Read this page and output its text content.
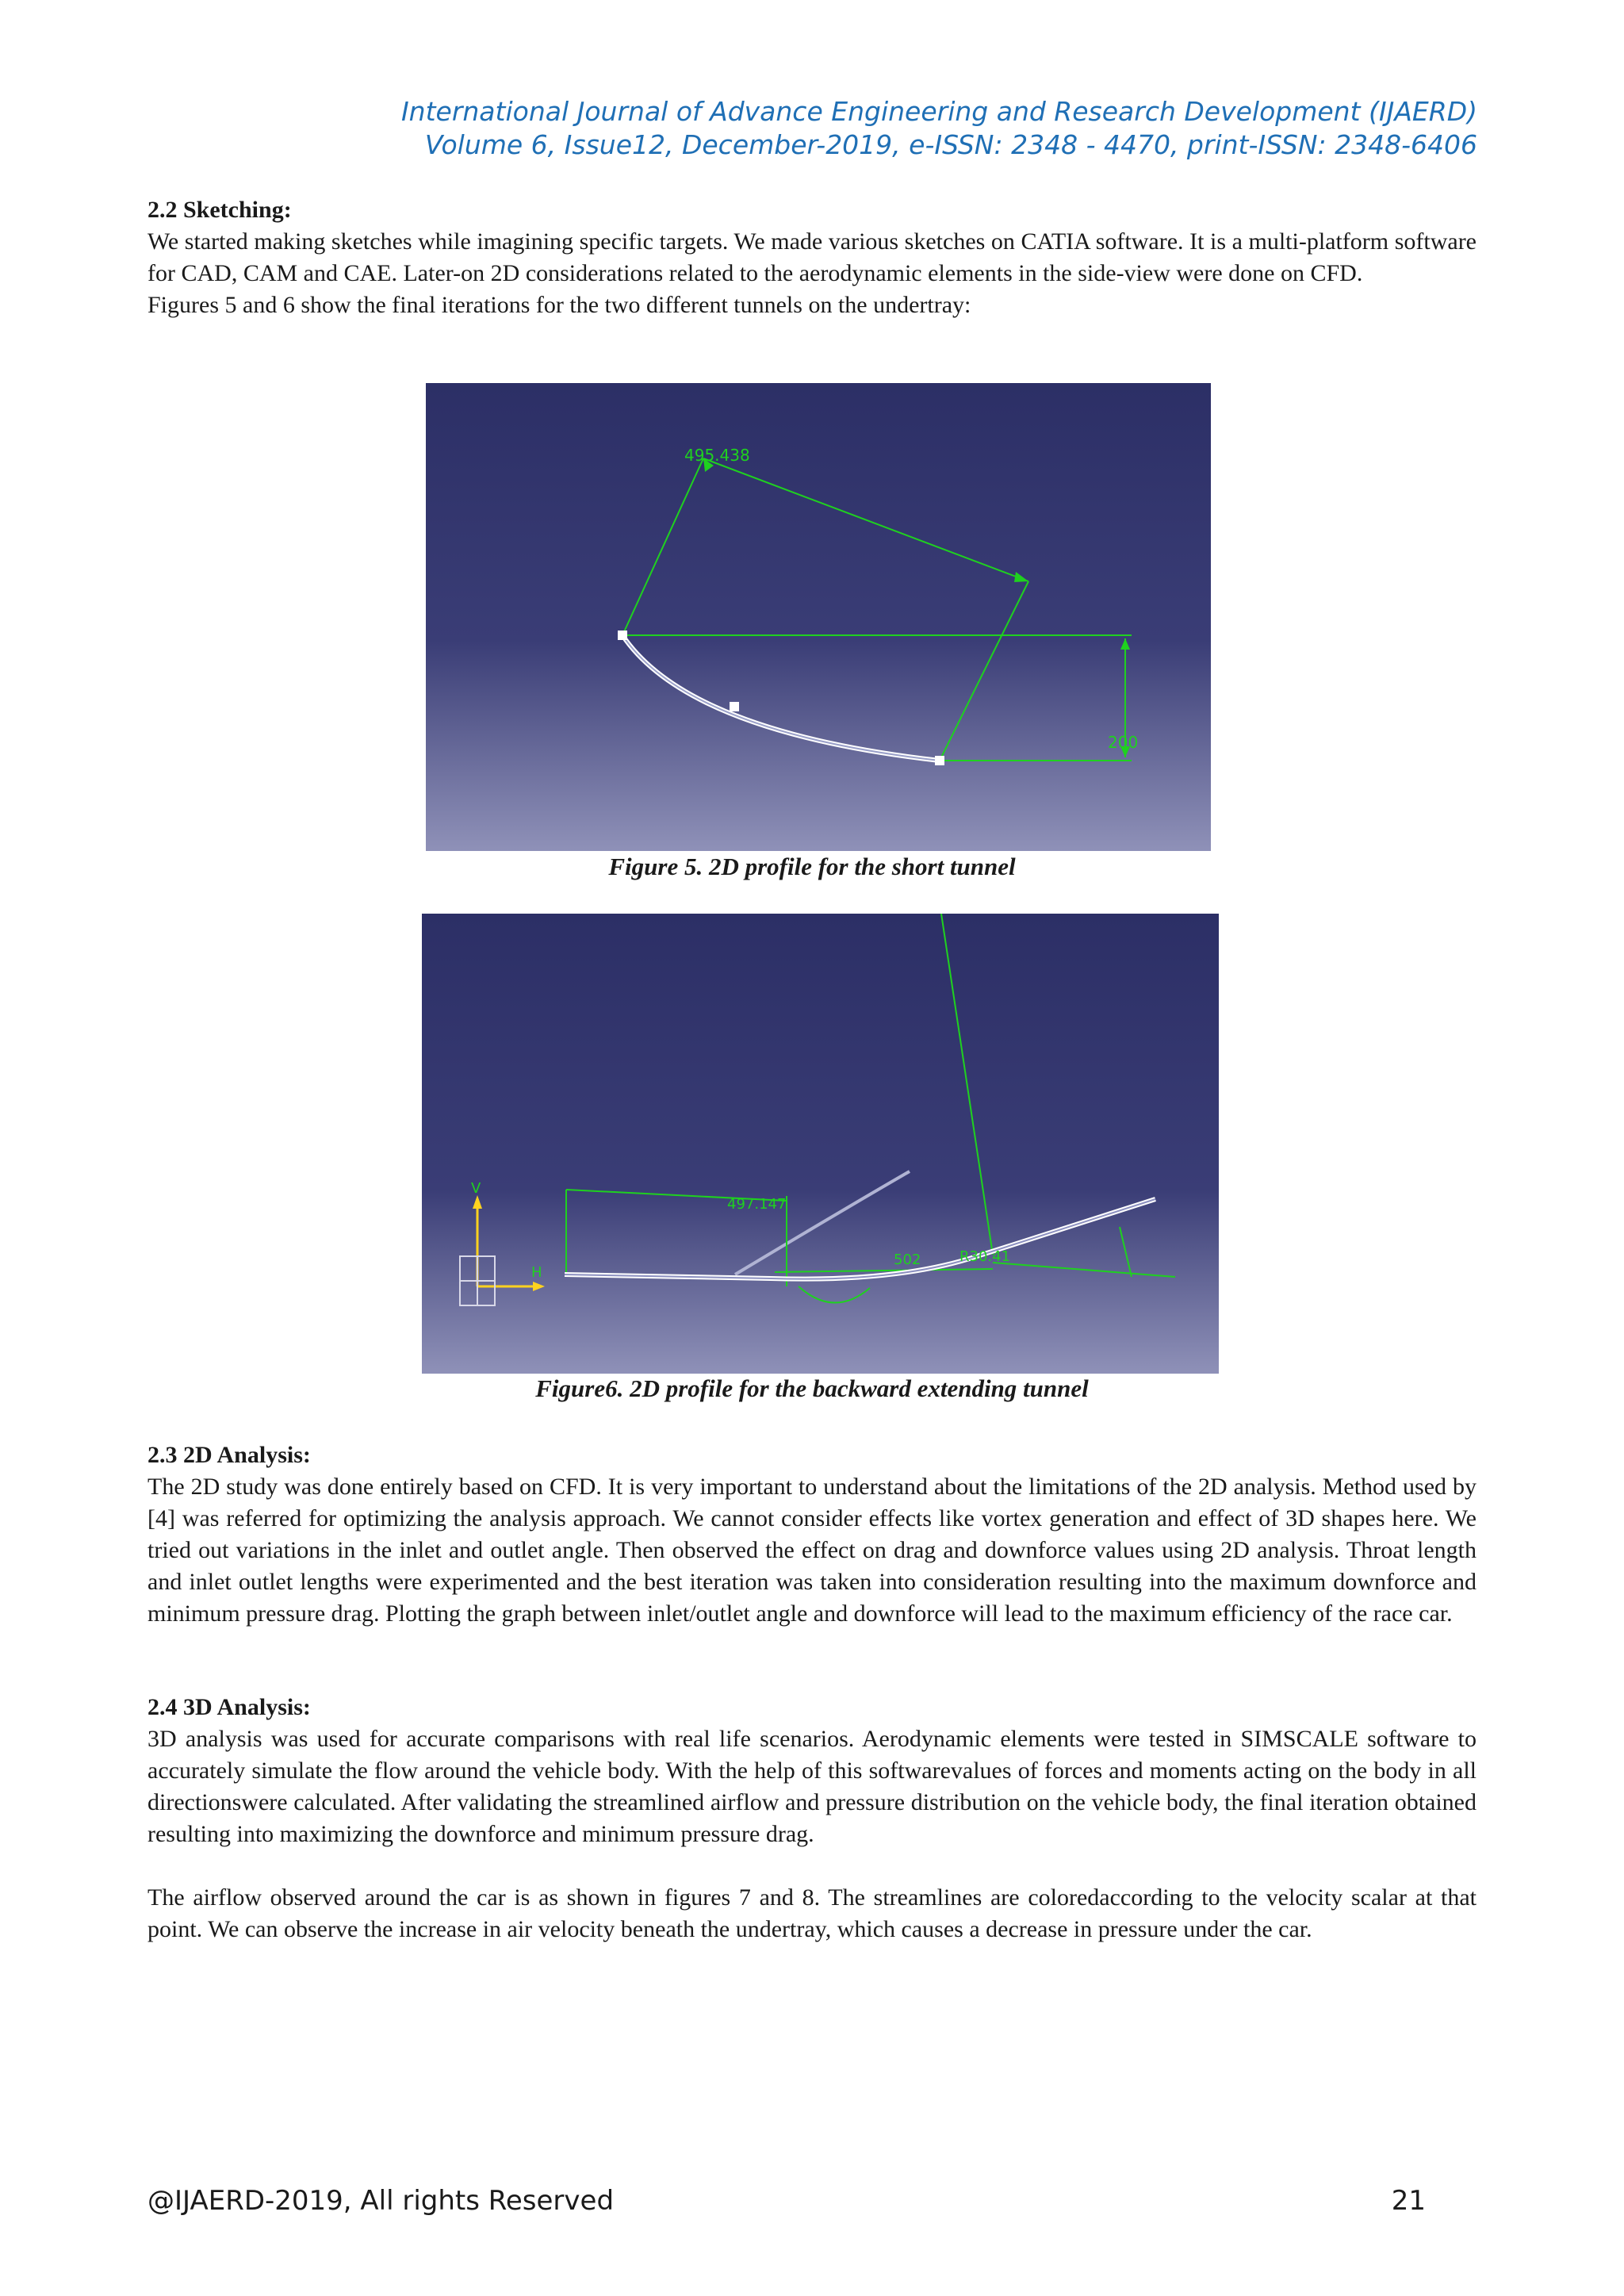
International Journal of Advance Engineering and Research Development (IJAERD)
Volume 6, Issue12, December-2019, e-ISSN: 2348 - 4470, print-ISSN: 2348-6406

2.2 Sketching:

We started making sketches while imagining specific targets. We made various sketches on CATIA software. It is a multi-platform software for CAD, CAM and CAE. Later-on 2D considerations related to the aerodynamic elements in the side-view were done on CFD.

Figures 5 and 6 show the final iterations for the two different tunnels on the undertray:

495.438
200
Figure 5. 2D profile for the short tunnel
V
H
497.147
502	R30.41
Figure6. 2D profile for the backward extending tunnel

2.3 2D Analysis:

The 2D study was done entirely based on CFD. It is very important to understand about the limitations of the 2D analysis. Method used by [4] was referred for optimizing the analysis approach. We cannot consider effects like vortex generation and effect of 3D shapes here. We tried out variations in the inlet and outlet angle. Then observed the effect on drag and downforce values using 2D analysis. Throat length and inlet outlet lengths were experimented and the best iteration was taken into consideration resulting into the maximum downforce and minimum pressure drag. Plotting the graph between inlet/outlet angle and downforce will lead to the maximum efficiency of the race car.

2.4 3D Analysis:

3D analysis was used for accurate comparisons with real life scenarios. Aerodynamic elements were tested in SIMSCALE software to accurately simulate the flow around the vehicle body. With the help of this softwarevalues of forces and moments acting on the body in all directionswere calculated. After validating the streamlined airflow and pressure distribution on the vehicle body, the final iteration obtained resulting into maximizing the downforce and minimum pressure drag.

The airflow observed around the car is as shown in figures 7 and 8. The streamlines are coloredaccording to the velocity scalar at that point. We can observe the increase in air velocity beneath the undertray, which causes a decrease in pressure under the car.

@IJAERD-2019, All rights Reserved	21
